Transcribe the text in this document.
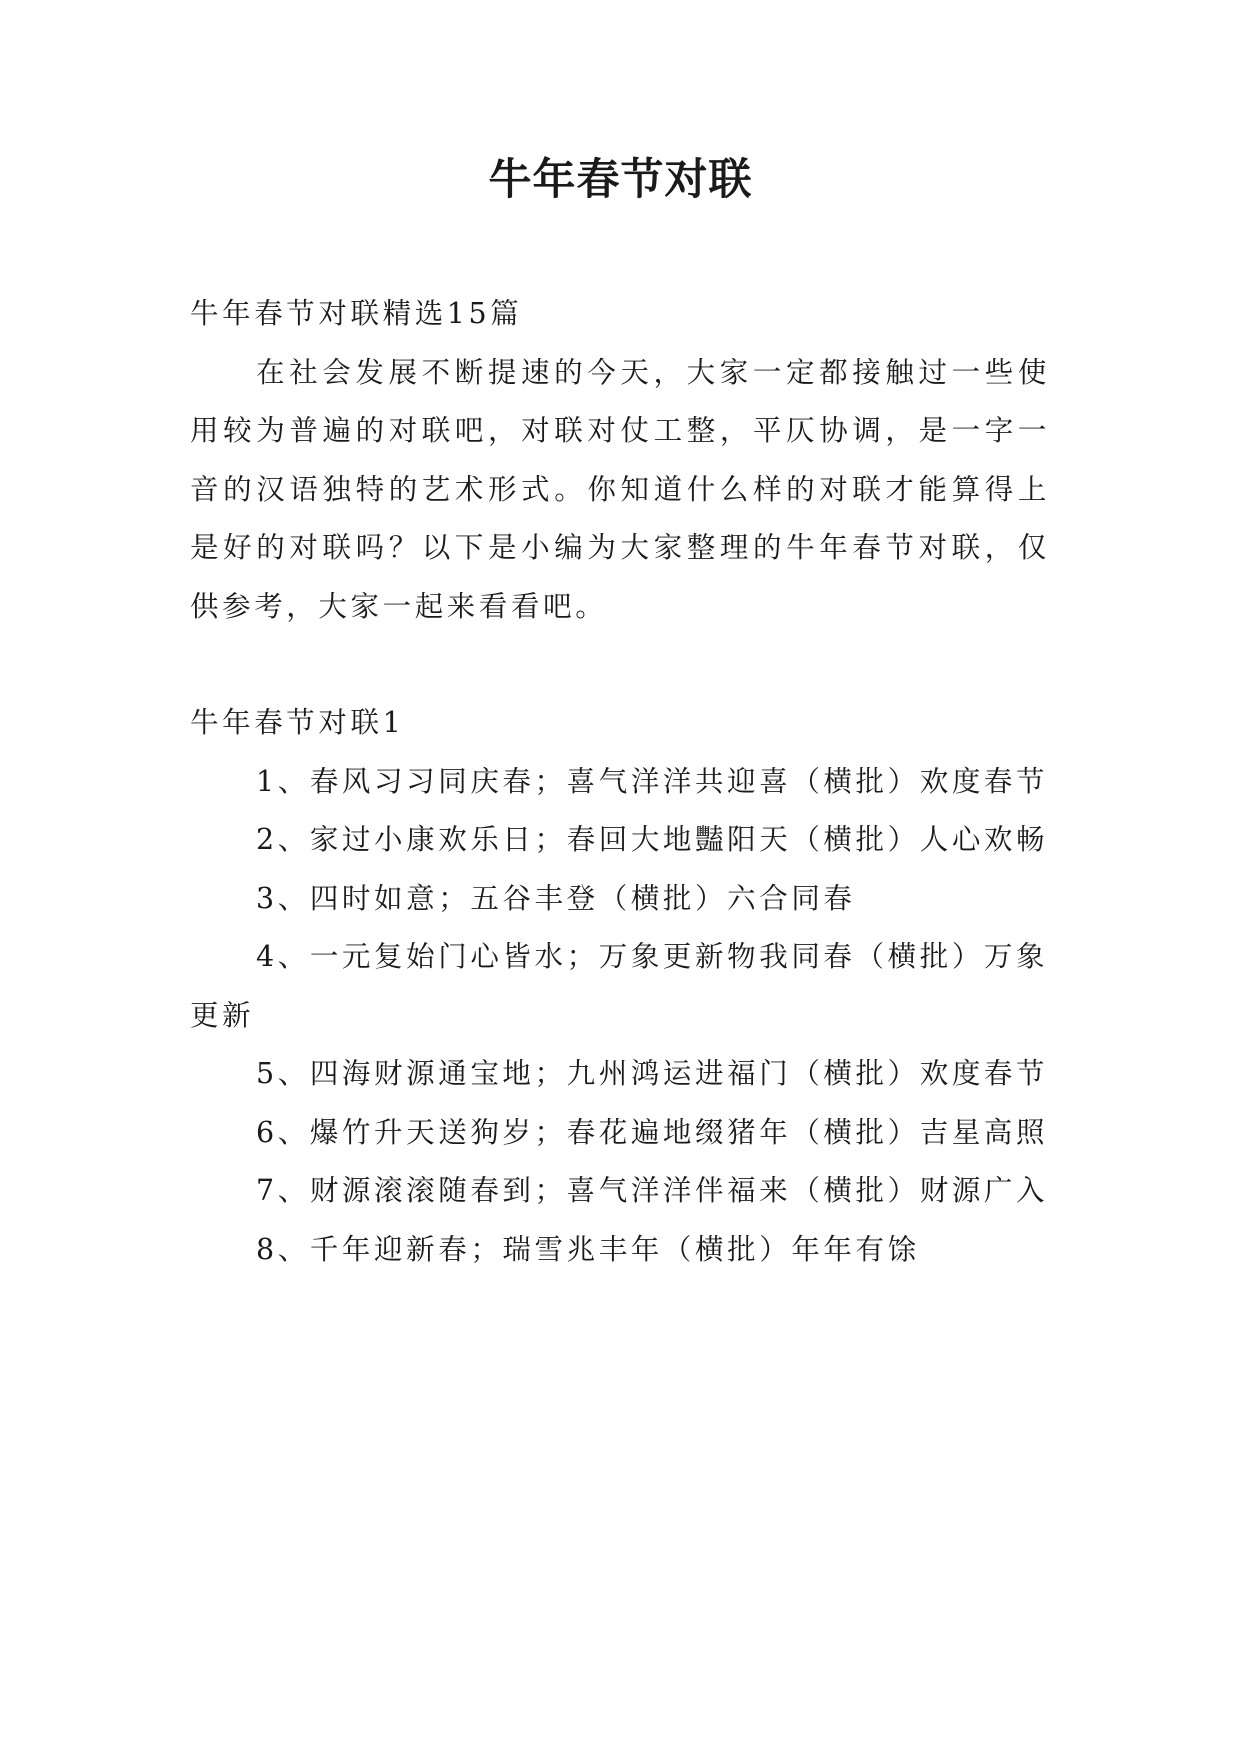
牛年春节对联

牛年春节对联精选15篇

在社会发展不断提速的今天，大家一定都接触过一些使用较为普遍的对联吧，对联对仗工整，平仄协调，是一字一音的汉语独特的艺术形式。你知道什么样的对联才能算得上是好的对联吗？以下是小编为大家整理的牛年春节对联，仅供参考，大家一起来看看吧。

牛年春节对联1

1、春风习习同庆春；喜气洋洋共迎喜（横批）欢度春节

2、家过小康欢乐日；春回大地豔阳天（横批）人心欢畅

3、四时如意；五谷丰登（横批）六合同春

4、一元复始门心皆水；万象更新物我同春（横批）万象更新

5、四海财源通宝地；九州鸿运进福门（横批）欢度春节

6、爆竹升天送狗岁；春花遍地缀猪年（横批）吉星高照

7、财源滚滚随春到；喜气洋洋伴福来（横批）财源广入

8、千年迎新春；瑞雪兆丰年（横批）年年有馀
